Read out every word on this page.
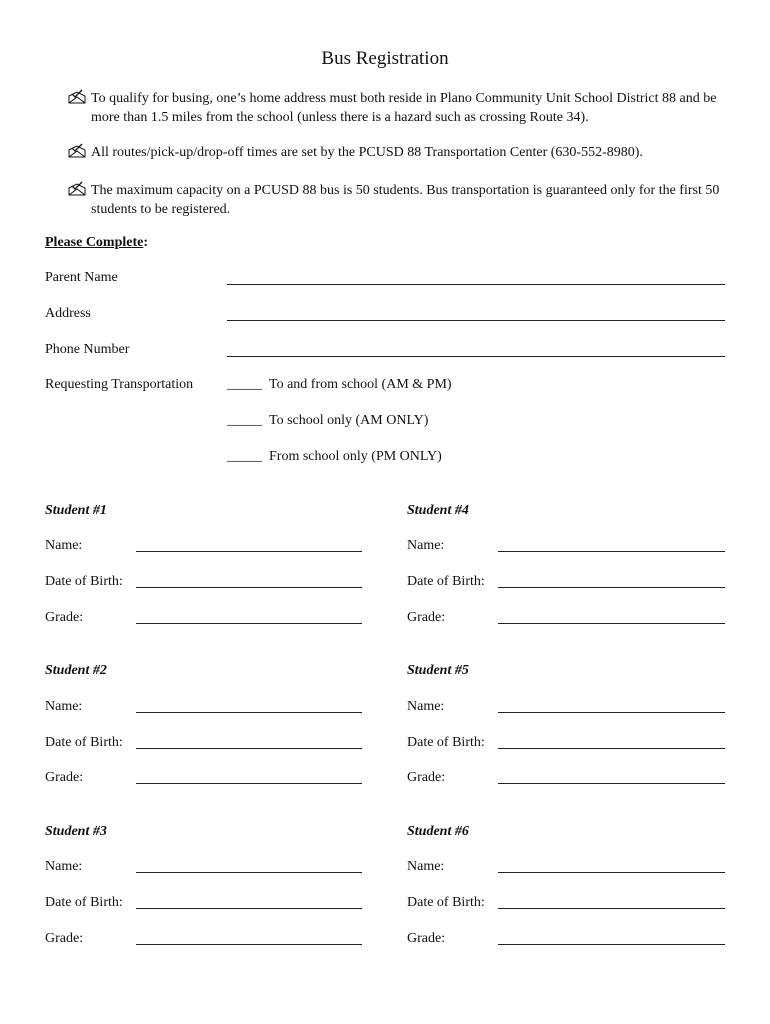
Bus Registration
To qualify for busing, one’s home address must both reside in Plano Community Unit School District 88 and be more than 1.5 miles from the school (unless there is a hazard such as crossing Route 34).
All routes/pick-up/drop-off times are set by the PCUSD 88 Transportation Center (630-552-8980).
The maximum capacity on a PCUSD 88 bus is 50 students. Bus transportation is guaranteed only for the first 50 students to be registered.
Please Complete:
Parent Name
Address
Phone Number
Requesting Transportation _____ To and from school (AM & PM)
_____ To school only (AM ONLY)
_____ From school only (PM ONLY)
Student #1
Name:
Date of Birth:
Grade:
Student #4
Name:
Date of Birth:
Grade:
Student #2
Name:
Date of Birth:
Grade:
Student #5
Name:
Date of Birth:
Grade:
Student #3
Name:
Date of Birth:
Grade:
Student #6
Name:
Date of Birth:
Grade:
